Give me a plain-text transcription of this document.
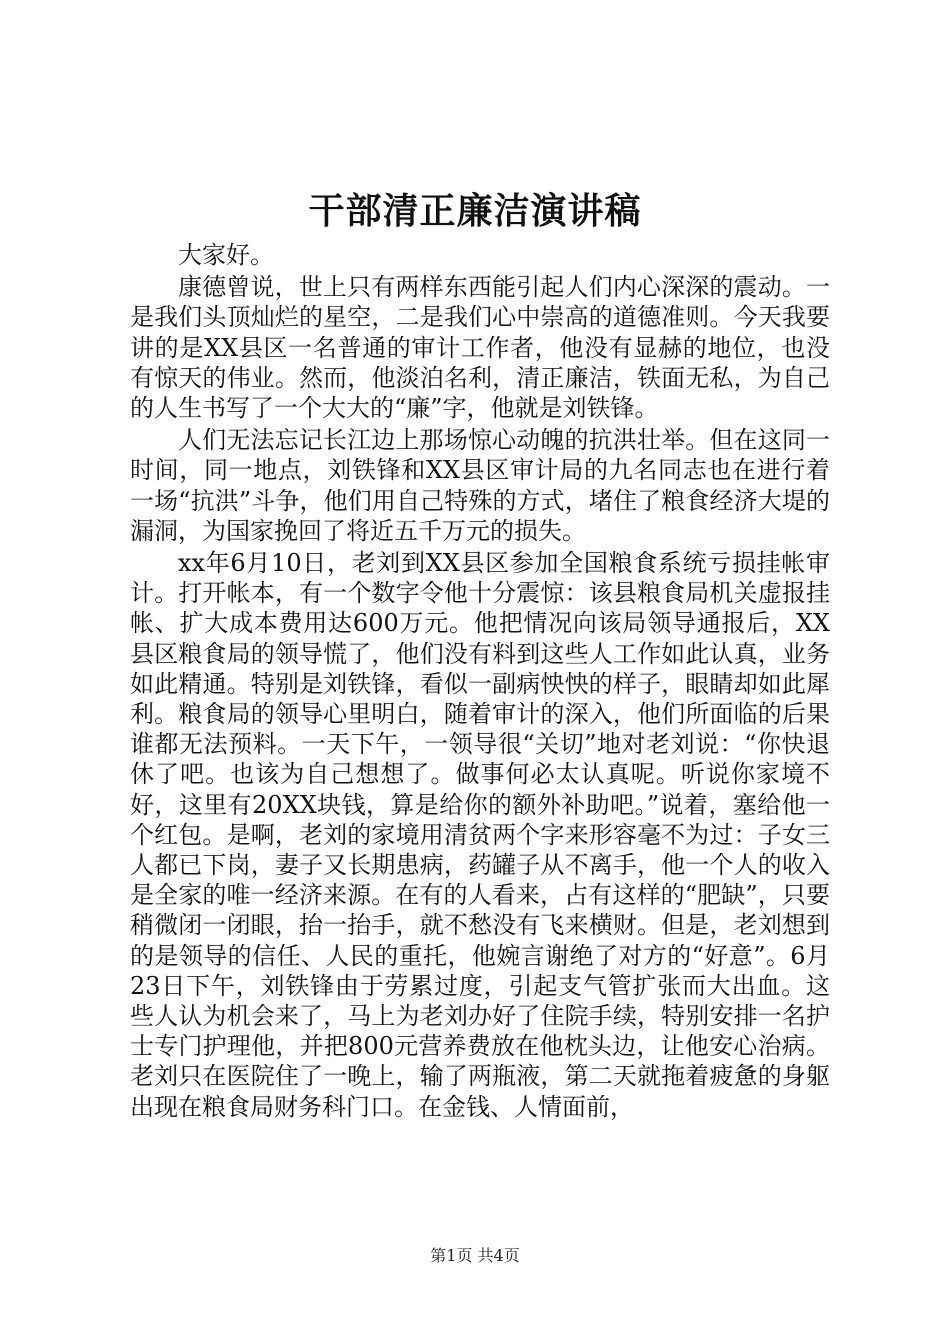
干部清正廉洁演讲稿

大家好。

康德曾说，世上只有两样东西能引起人们内心深深的震动。一是我们头顶灿烂的星空，二是我们心中崇高的道德准则。今天我要讲的是XX县区一名普通的审计工作者，他没有显赫的地位，也没有惊天的伟业。然而，他淡泊名利，清正廉洁，铁面无私，为自己的人生书写了一个大大的“廉”字，他就是刘铁锋。

人们无法忘记长江边上那场惊心动魄的抗洪壮举。但在这同一时间，同一地点，刘铁锋和XX县区审计局的九名同志也在进行着一场“抗洪”斗争，他们用自己特殊的方式，堵住了粮食经济大堤的漏洞，为国家挽回了将近五千万元的损失。

xx年6月10日，老刘到XX县区参加全国粮食系统亏损挂帐审计。打开帐本，有一个数字令他十分震惊：该县粮食局机关虚报挂帐、扩大成本费用达600万元。他把情况向该局领导通报后，XX县区粮食局的领导慌了，他们没有料到这些人工作如此认真，业务如此精通。特别是刘铁锋，看似一副病怏怏的样子，眼睛却如此犀利。粮食局的领导心里明白，随着审计的深入，他们所面临的后果谁都无法预料。一天下午，一领导很“关切”地对老刘说：“你快退休了吧。也该为自己想想了。做事何必太认真呢。听说你家境不好，这里有20XX块钱，算是给你的额外补助吧。”说着，塞给他一个红包。是啊，老刘的家境用清贫两个字来形容毫不为过：子女三人都已下岗，妻子又长期患病，药罐子从不离手，他一个人的收入是全家的唯一经济来源。在有的人看来，占有这样的“肥缺”，只要稍微闭一闭眼，抬一抬手，就不愁没有飞来横财。但是，老刘想到的是领导的信任、人民的重托，他婉言谢绝了对方的“好意”。6月23日下午，刘铁锋由于劳累过度，引起支气管扩张而大出血。这些人认为机会来了，马上为老刘办好了住院手续，特别安排一名护士专门护理他，并把800元营养费放在他枕头边，让他安心治病。老刘只在医院住了一晚上，输了两瓶液，第二天就拖着疲惫的身躯出现在粮食局财务科门口。在金钱、人情面前，

第1页 共4页
